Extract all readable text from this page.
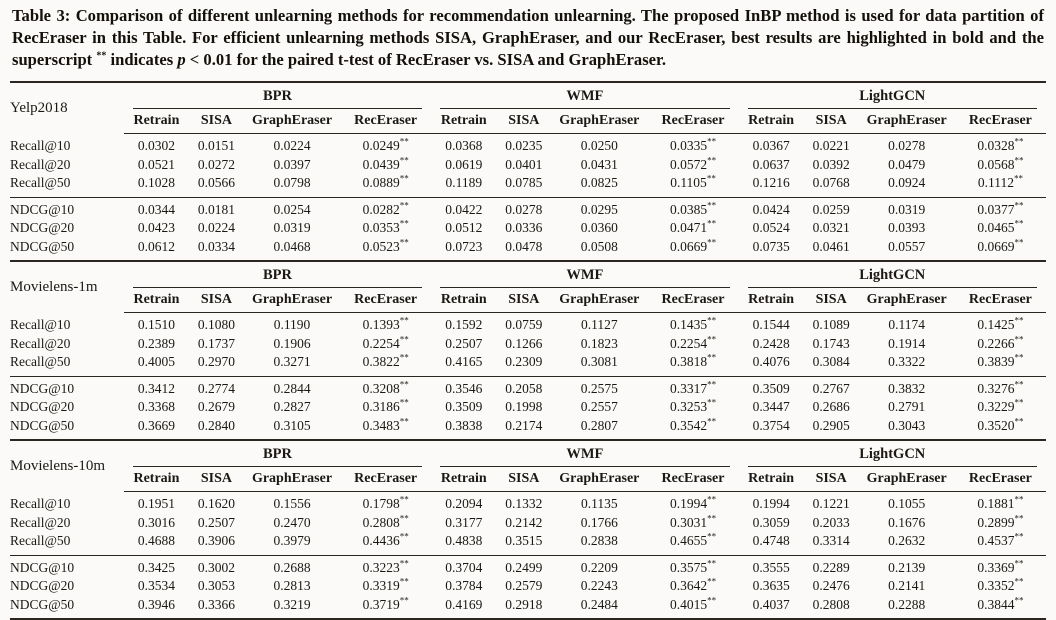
Table 3: Comparison of different unlearning methods for recommendation unlearning. The proposed InBP method is used for data partition of RecEraser in this Table. For efficient unlearning methods SISA, GraphEraser, and our RecEraser, best results are highlighted in bold and the superscript ** indicates p < 0.01 for the paired t-test of RecEraser vs. SISA and GraphEraser.

Yelp2018	BPR				WMF				LightGCN			

	Retrain	SISA	GraphEraser	RecEraser	Retrain	SISA	GraphEraser	RecEraser	Retrain	SISA	GraphEraser	RecEraser
Recall@10	0.0302	0.0151	0.0224	0.0249**	0.0368	0.0235	0.0250	0.0335**	0.0367	0.0221	0.0278	0.0328**
Recall@20	0.0521	0.0272	0.0397	0.0439**	0.0619	0.0401	0.0431	0.0572**	0.0637	0.0392	0.0479	0.0568**
Recall@50	0.1028	0.0566	0.0798	0.0889**	0.1189	0.0785	0.0825	0.1105**	0.1216	0.0768	0.0924	0.1112**
NDCG@10	0.0344	0.0181	0.0254	0.0282**	0.0422	0.0278	0.0295	0.0385**	0.0424	0.0259	0.0319	0.0377**
NDCG@20	0.0423	0.0224	0.0319	0.0353**	0.0512	0.0336	0.0360	0.0471**	0.0524	0.0321	0.0393	0.0465**
NDCG@50	0.0612	0.0334	0.0468	0.0523**	0.0723	0.0478	0.0508	0.0669**	0.0735	0.0461	0.0557	0.0669**
Movielens-1m	BPR				WMF				LightGCN			

	Retrain	SISA	GraphEraser	RecEraser	Retrain	SISA	GraphEraser	RecEraser	Retrain	SISA	GraphEraser	RecEraser
Recall@10	0.1510	0.1080	0.1190	0.1393**	0.1592	0.0759	0.1127	0.1435**	0.1544	0.1089	0.1174	0.1425**
Recall@20	0.2389	0.1737	0.1906	0.2254**	0.2507	0.1266	0.1823	0.2254**	0.2428	0.1743	0.1914	0.2266**
Recall@50	0.4005	0.2970	0.3271	0.3822**	0.4165	0.2309	0.3081	0.3818**	0.4076	0.3084	0.3322	0.3839**
NDCG@10	0.3412	0.2774	0.2844	0.3208**	0.3546	0.2058	0.2575	0.3317**	0.3509	0.2767	0.3832	0.3276**
NDCG@20	0.3368	0.2679	0.2827	0.3186**	0.3509	0.1998	0.2557	0.3253**	0.3447	0.2686	0.2791	0.3229**
NDCG@50	0.3669	0.2840	0.3105	0.3483**	0.3838	0.2174	0.2807	0.3542**	0.3754	0.2905	0.3043	0.3520**
Movielens-10m	BPR				WMF				LightGCN			

	Retrain	SISA	GraphEraser	RecEraser	Retrain	SISA	GraphEraser	RecEraser	Retrain	SISA	GraphEraser	RecEraser
Recall@10	0.1951	0.1620	0.1556	0.1798**	0.2094	0.1332	0.1135	0.1994**	0.1994	0.1221	0.1055	0.1881**
Recall@20	0.3016	0.2507	0.2470	0.2808**	0.3177	0.2142	0.1766	0.3031**	0.3059	0.2033	0.1676	0.2899**
Recall@50	0.4688	0.3906	0.3979	0.4436**	0.4838	0.3515	0.2838	0.4655**	0.4748	0.3314	0.2632	0.4537**
NDCG@10	0.3425	0.3002	0.2688	0.3223**	0.3704	0.2499	0.2209	0.3575**	0.3555	0.2289	0.2139	0.3369**
NDCG@20	0.3534	0.3053	0.2813	0.3319**	0.3784	0.2579	0.2243	0.3642**	0.3635	0.2476	0.2141	0.3352**
NDCG@50	0.3946	0.3366	0.3219	0.3719**	0.4169	0.2918	0.2484	0.4015**	0.4037	0.2808	0.2288	0.3844**
